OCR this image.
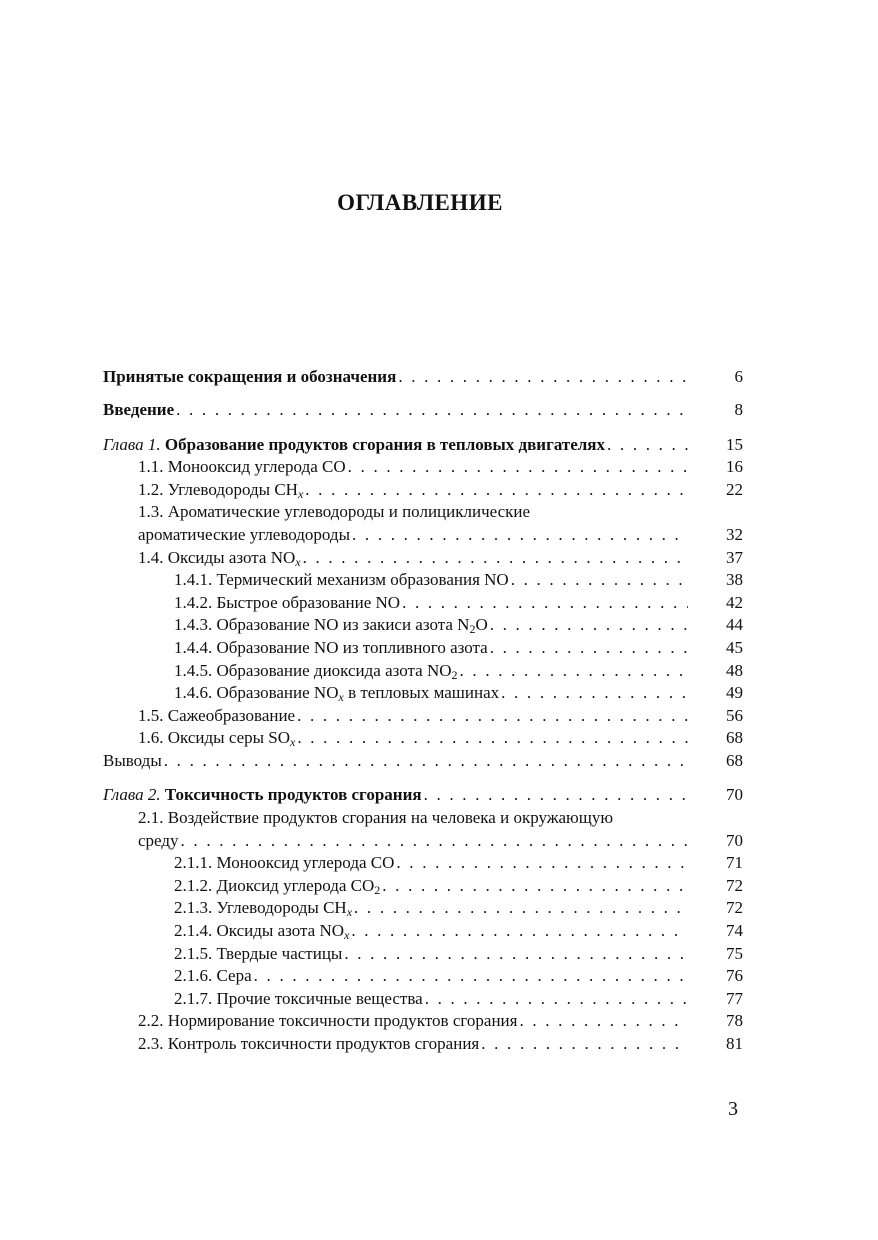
ОГЛАВЛЕНИЕ
Принятые сокращения и обозначения . . .	6
Введение . . .	8
Глава 1. Образование продуктов сгорания в тепловых двигателях . . .	15
1.1. Монооксид углерода СО . . .	16
1.2. Углеводороды $CH_x$ . . .	22
1.3. Ароматические углеводороды и полициклические
ароматические углеводороды . . .	32
1.4. Оксиды азота $NO_x$ . . .	37
1.4.1. Термический механизм образования NO . . .	38
1.4.2. Быстрое образование NO . . .	42
1.4.3. Образование NO из закиси азота $N_2O$ . . .	44
1.4.4. Образование NO из топливного азота . . .	45
1.4.5. Образование диоксида азота $NO_2$ . . .	48
1.4.6. Образование $NO_x$ в тепловых машинах . . .	49
1.5. Сажеобразование . . .	56
1.6. Оксиды серы $SO_x$ . . .	68
Выводы . . .	68
Глава 2. Токсичность продуктов сгорания . . .	70
2.1. Воздействие продуктов сгорания на человека и окружающую
среду . . .	70
2.1.1. Монооксид углерода СО . . .	71
2.1.2. Диоксид углерода $СО_2$ . . .	72
2.1.3. Углеводороды $CH_x$ . . .	72
2.1.4. Оксиды азота $NO_x$ . . .	74
2.1.5. Твердые частицы . . .	75
2.1.6. Сера . . .	76
2.1.7. Прочие токсичные вещества . . .	77
2.2. Нормирование токсичности продуктов сгорания . . .	78
2.3. Контроль токсичности продуктов сгорания . . .	81
3
